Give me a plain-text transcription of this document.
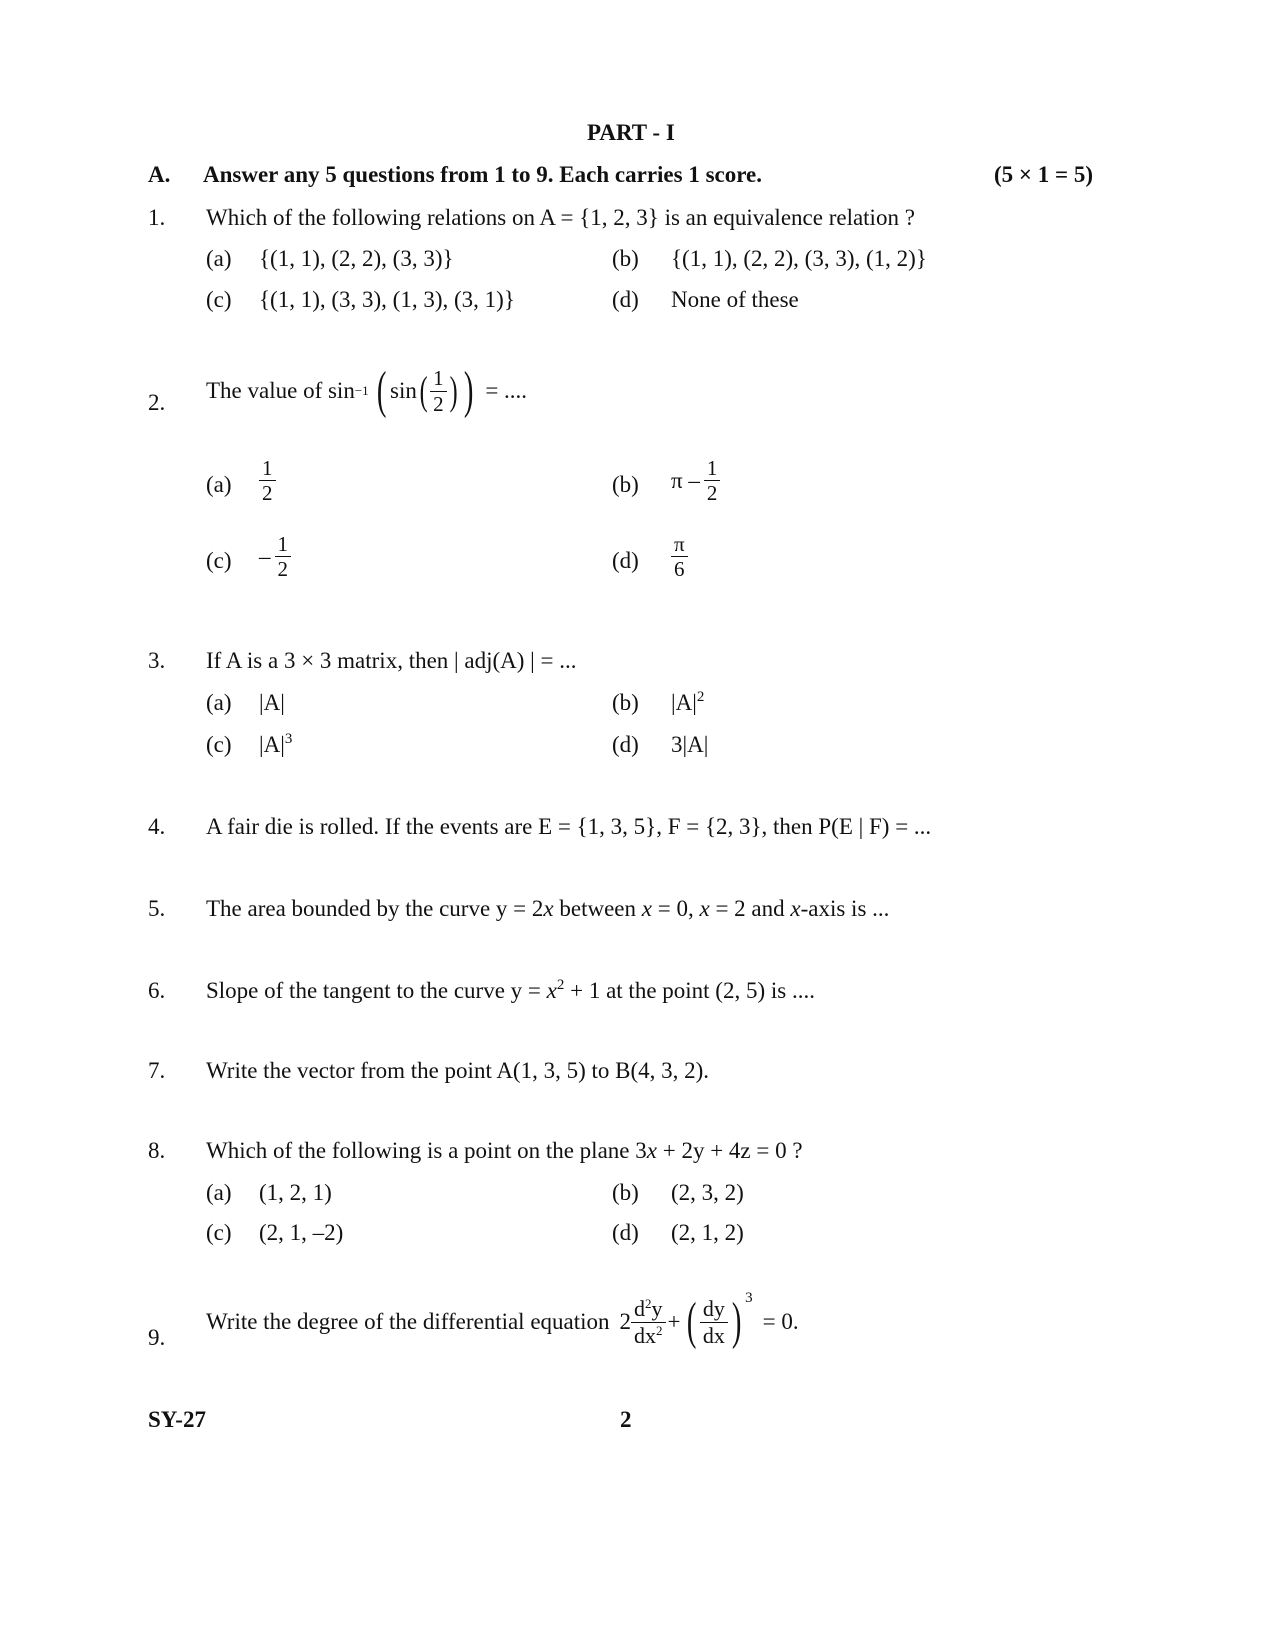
PART - I
A. Answer any 5 questions from 1 to 9. Each carries 1 score.	(5 × 1 = 5)
1. Which of the following relations on A = {1, 2, 3} is an equivalence relation ?
(a) {(1, 1), (2, 2), (3, 3)}	(b) {(1, 1), (2, 2), (3, 3), (1, 2)}
(c) {(1, 1), (3, 3), (1, 3), (3, 1)}	(d) None of these
2. The value of sin −1 ( sin ( $\frac{1}{2}$ ) ) = ....
$(a) \frac{1}{2}$	(b) π – $\frac{1}{2}$
$(c) - \frac{1}{2}$	$(d) \frac{\pi}{6}$
3. If A is a 3 × 3 matrix, then | adj(A) | = ...
(a) |A|	(b) $|A|^2$
(c) $|A|^3$	(d) 3|A|
4. A fair die is rolled. If the events are E = {1, 3, 5}, F = {2, 3}, then P(E | F) = ...
5. The area bounded by the curve y = 2x between x = 0, x = 2 and x-axis is ...
6. Slope of the tangent to the curve $y = x^2 + 1$ at the point (2, 5) is ....
7. Write the vector from the point A(1, 3, 5) to B(4, 3, 2).
8. Which of the following is a point on the plane 3x + 2y + 4z = 0 ?
(a) (1, 2, 1)	(b) (2, 3, 2)
(c) (2, 1, –2)	(d) (2, 1, 2)
9.
Write the degree of the differential equation $2 \frac{d^2y}{dx^2}$ + ( $\frac{dy}{dx}$ ) 3
= 0.
SY-27	2
